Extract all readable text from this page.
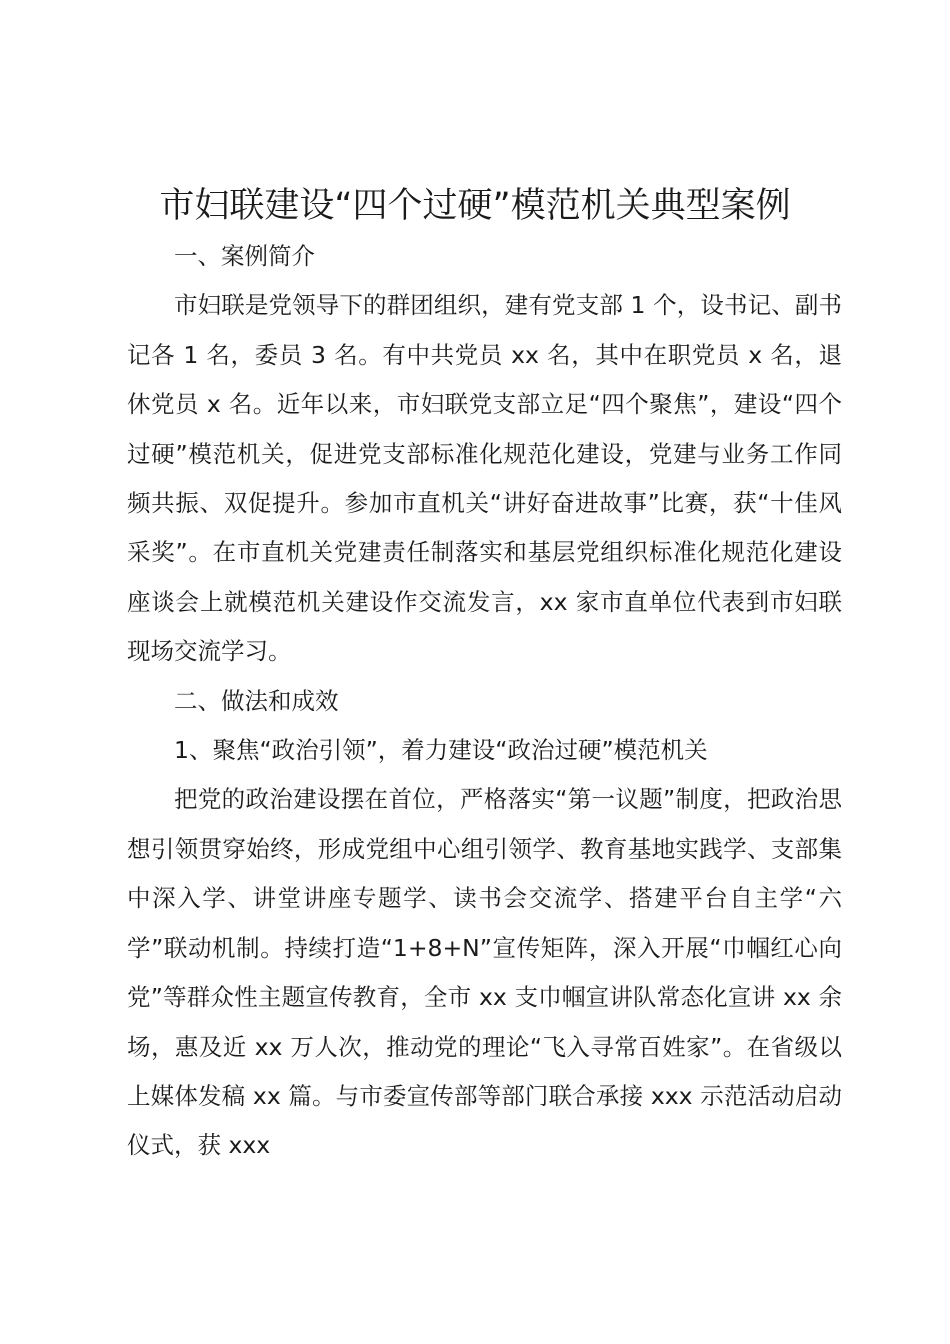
市妇联建设“四个过硬”模范机关典型案例
一、案例简介

市妇联是党领导下的群团组织，建有党支部 1 个，设书记、副书记各 1 名，委员 3 名。有中共党员 xx 名，其中在职党员 x 名，退休党员 x 名。近年以来，市妇联党支部立足“四个聚焦”，建设“四个过硬”模范机关，促进党支部标准化规范化建设，党建与业务工作同频共振、双促提升。参加市直机关“讲好奋进故事”比赛，获“十佳风采奖”。在市直机关党建责任制落实和基层党组织标准化规范化建设座谈会上就模范机关建设作交流发言，xx 家市直单位代表到市妇联现场交流学习。

二、做法和成效
1、聚焦“政治引领”，着力建设“政治过硬”模范机关

把党的政治建设摆在首位，严格落实“第一议题”制度，把政治思想引领贯穿始终，形成党组中心组引领学、教育基地实践学、支部集中深入学、讲堂讲座专题学、读书会交流学、搭建平台自主学“六学”联动机制。持续打造“1+8+N”宣传矩阵，深入开展“巾帼红心向党”等群众性主题宣传教育，全市 xx 支巾帼宣讲队常态化宣讲 xx 余场，惠及近 xx 万人次，推动党的理论“飞入寻常百姓家”。在省级以上媒体发稿 xx 篇。与市委宣传部等部门联合承接 xxx 示范活动启动仪式，获 xxx
